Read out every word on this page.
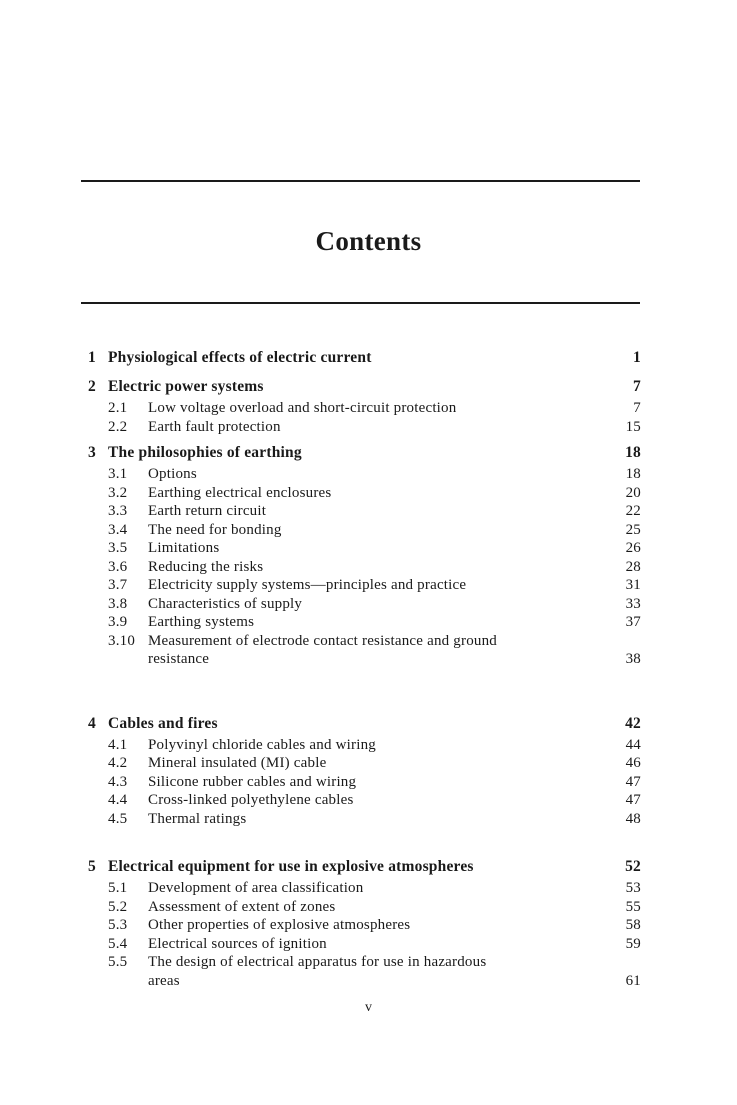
Contents
1 Physiological effects of electric current	1
2 Electric power systems	7
2.1	Low voltage overload and short-circuit protection	7
2.2	Earth fault protection	15
3 The philosophies of earthing	18
3.1	Options	18
3.2	Earthing electrical enclosures	20
3.3	Earth return circuit	22
3.4	The need for bonding	25
3.5	Limitations	26
3.6	Reducing the risks	28
3.7	Electricity supply systems—principles and practice	31
3.8	Characteristics of supply	33
3.9	Earthing systems	37
3.10 Measurement of electrode contact resistance and ground
resistance	38
4 Cables and fires	42
4.1	Polyvinyl chloride cables and wiring	44
4.2	Mineral insulated (MI) cable	46
4.3	Silicone rubber cables and wiring	47
4.4	Cross-linked polyethylene cables	47
4.5	Thermal ratings	48
5 Electrical equipment for use in explosive atmospheres	52
5.1	Development of area classification	53
5.2	Assessment of extent of zones	55
5.3	Other properties of explosive atmospheres	58
5.4	Electrical sources of ignition	59
5.5	The design of electrical apparatus for use in hazardous
areas	61
v
